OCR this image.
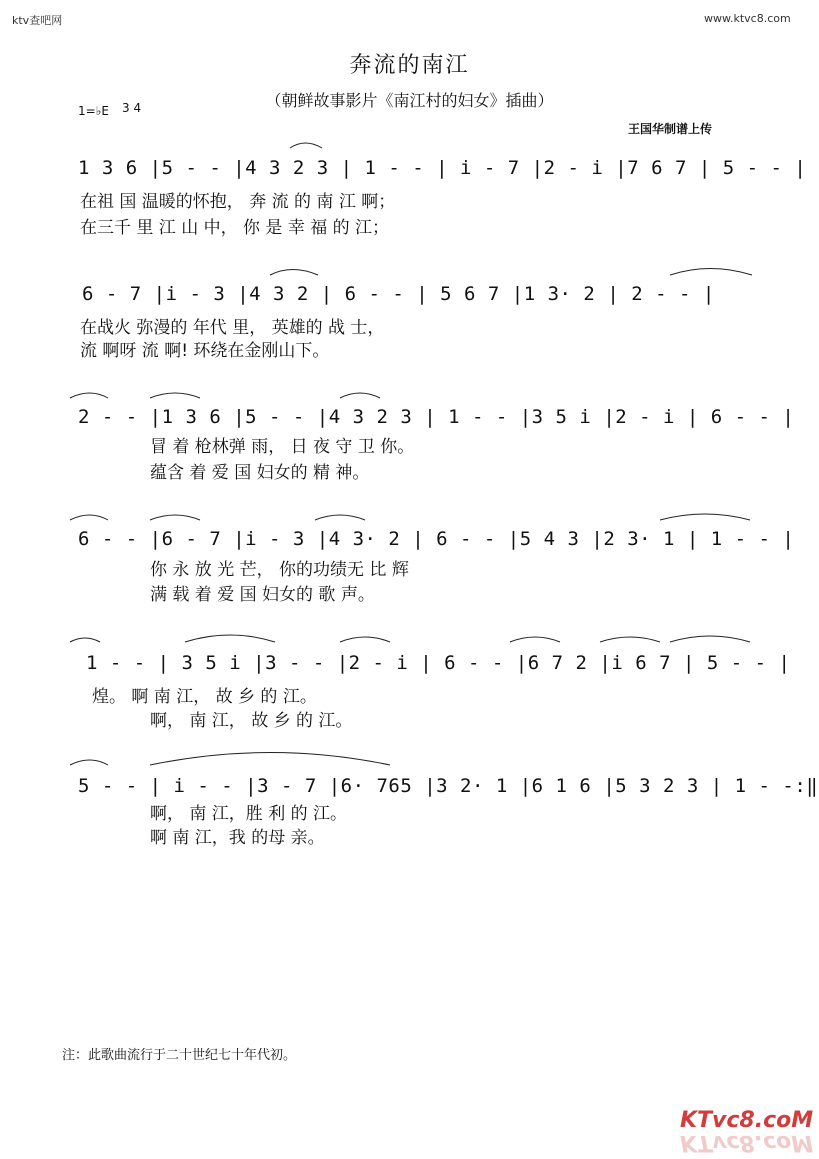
ktv查吧网	www.ktvc8.com
奔流的南江
（朝鲜故事影片《南江村的妇女》插曲）
1=♭E 3 4
王国华制谱上传
1 3 6 |5 - - |4 3 2 3 | 1 - - | i - 7 |2 - i |7 6 7 | 5 - - |
在祖 国 温暖的怀抱， 奔 流 的 南 江 啊；
在三千 里 江 山 中， 你 是 幸 福 的 江；
6 - 7 |i - 3 |4 3 2 | 6 - - | 5 6 7 |1 3· 2 | 2 - - |
在战火 弥漫的 年代 里， 英雄的 战 士，
流 啊呀 流 啊! 环绕在金刚山下。
2 - - |1 3 6 |5 - - |4 3 2 3 | 1 - - |3 5 i |2 - i | 6 - - |
冒 着 枪林弹 雨， 日 夜 守 卫 你。
蕴含 着 爱 国 妇女的 精 神。
6 - - |6 - 7 |i - 3 |4 3· 2 | 6 - - |5 4 3 |2 3· 1 | 1 - - |
你 永 放 光 芒， 你的功绩无 比 辉
满 载 着 爱 国 妇女的 歌 声。
1 - - | 3 5 i |3 - - |2 - i | 6 - - |6 7 2 |i 6 7 | 5 - - |
煌。 啊 南 江， 故 乡 的 江。
啊， 南 江， 故 乡 的 江。
5 - - | i - - |3 - 7 |6· 765 |3 2· 1 |6 1 6 |5 3 2 3 | 1 - -:‖
啊， 南 江，胜 利 的 江。
啊 南 江，我 的母 亲。
注：此歌曲流行于二十世纪七十年代初。
KTvc8.coM
KTvc8.coM
